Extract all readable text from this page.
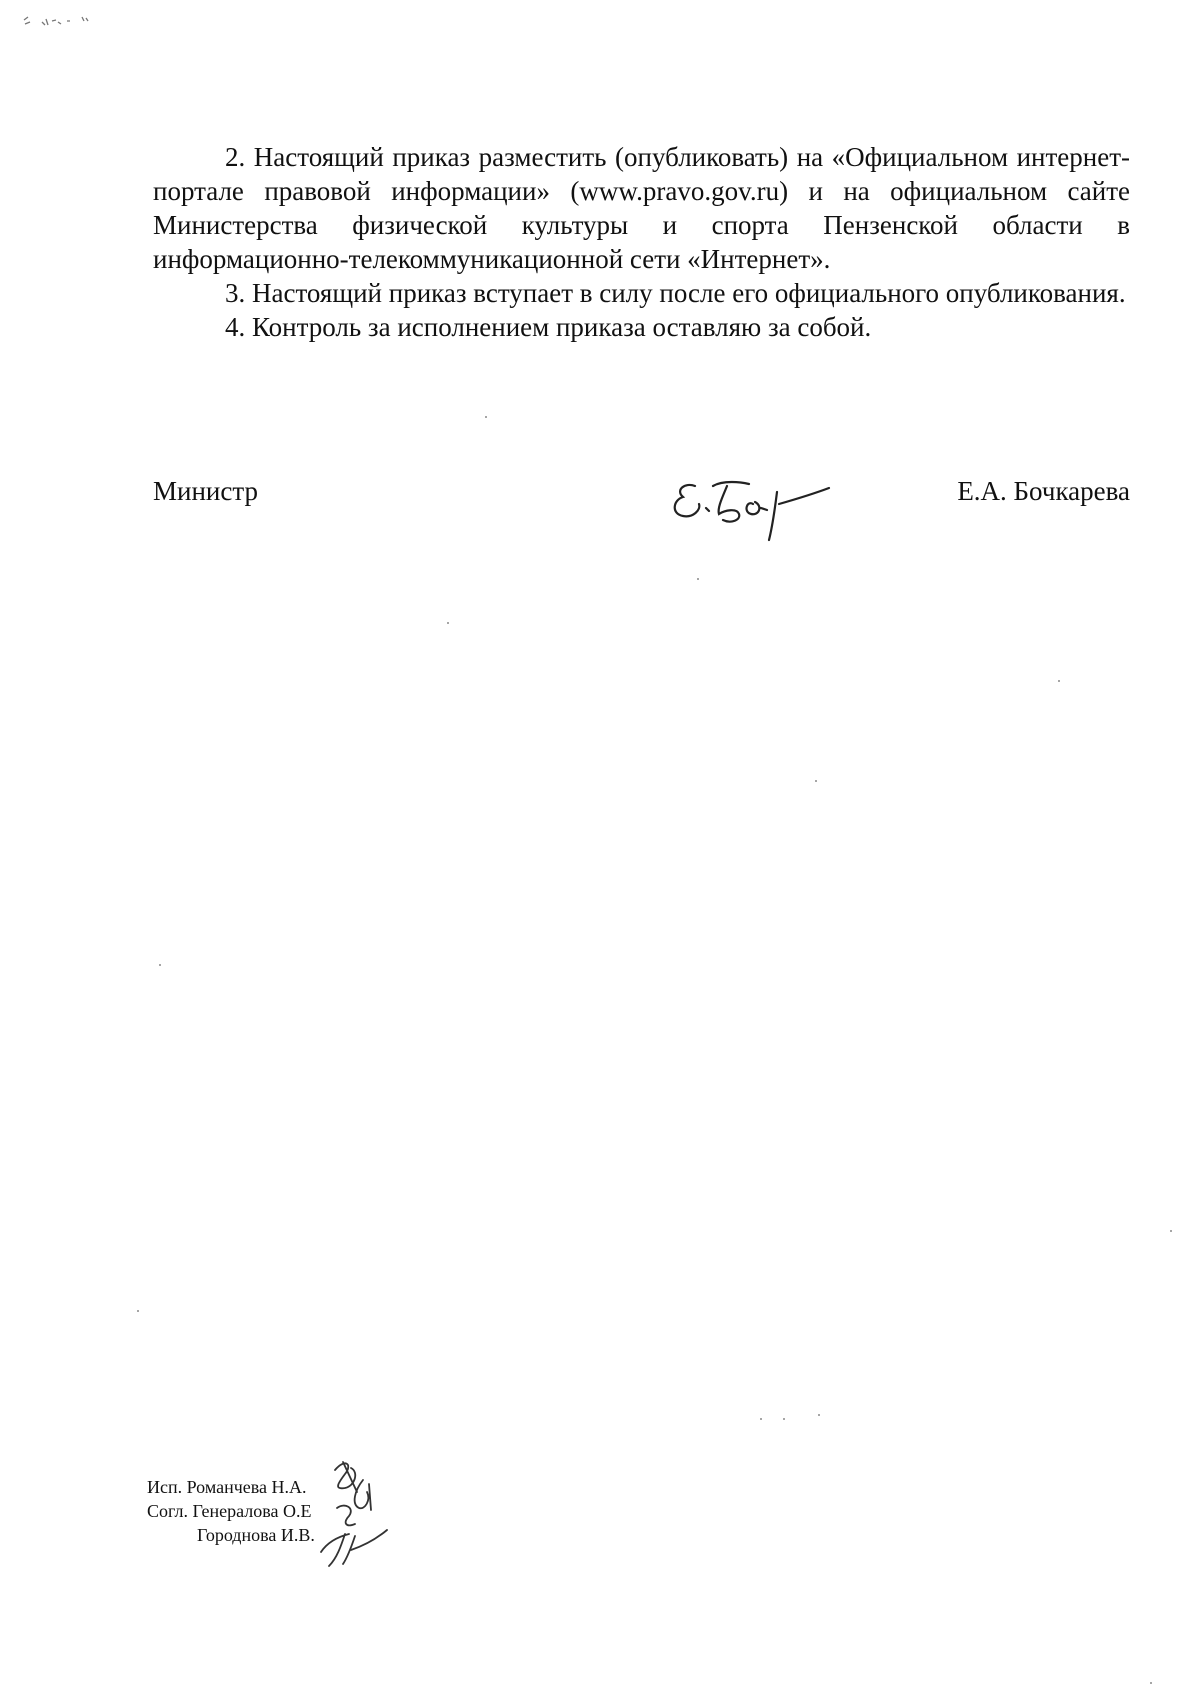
2. Настоящий приказ разместить (опубликовать) на «Официальном интернет-портале правовой информации» (www.pravo.gov.ru) и на официальном сайте Министерства физической культуры и спорта Пензенской области в информационно-телекоммуникационной сети «Интернет».

3. Настоящий приказ вступает в силу после его официального опубликования.

4. Контроль за исполнением приказа оставляю за собой.

Министр	Е.А. Бочкарева
Исп. Романчева Н.А.
Согл. Генералова О.Е
Городнова И.В.
